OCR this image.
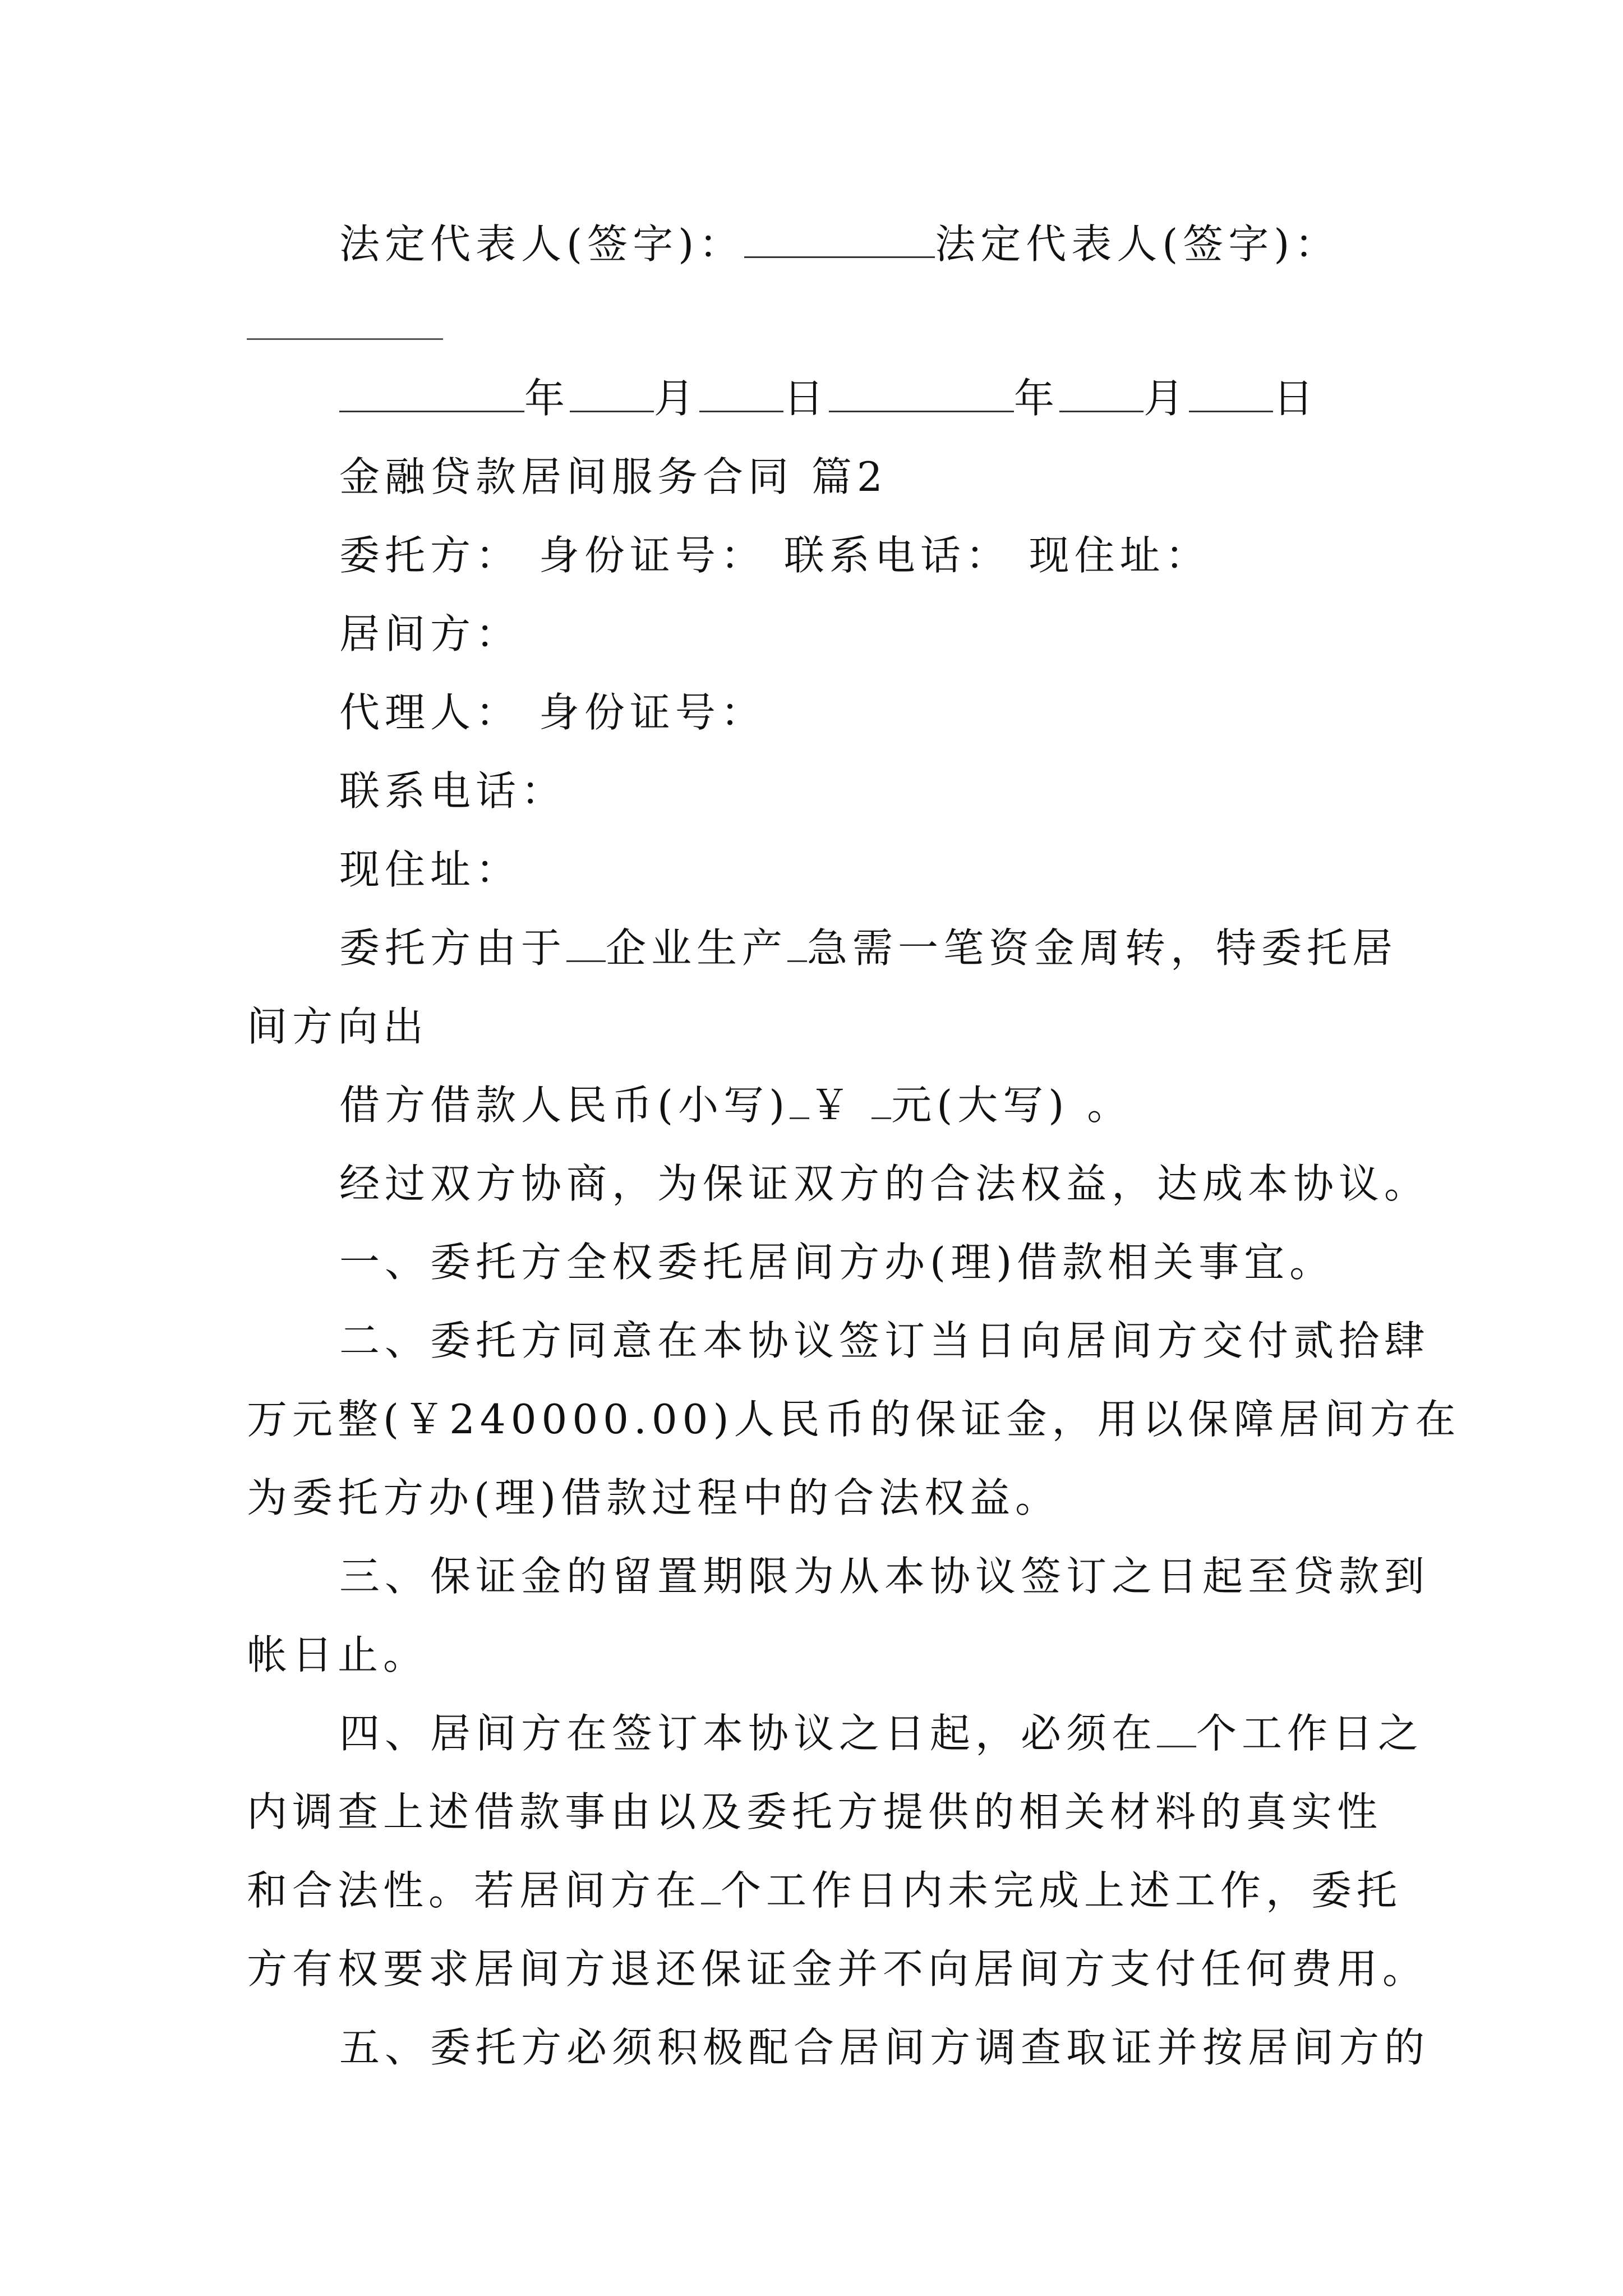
法定代表人(签字)：	法定代表人(签字)：
年 月 日	年 月 日
金融贷款居间服务合同 篇2
委托方： 身份证号： 联系电话： 现住址：
居间方：
代理人： 身份证号：
联系电话：
现住址：
委托方由于 企业生产 急需一笔资金周转，特委托居
间方向出
借方借款人民币(小写) ￥ 元(大写) 。
经过双方协商，为保证双方的合法权益，达成本协议。
一、委托方全权委托居间方办(理)借款相关事宜。
二、委托方同意在本协议签订当日向居间方交付贰拾肆
万元整(￥240000.00)人民币的保证金，用以保障居间方在
为委托方办(理)借款过程中的合法权益。
三、保证金的留置期限为从本协议签订之日起至贷款到
帐日止。
四、居间方在签订本协议之日起，必须在 个工作日之
内调查上述借款事由以及委托方提供的相关材料的真实性
和合法性。若居间方在 个工作日内未完成上述工作，委托
方有权要求居间方退还保证金并不向居间方支付任何费用。
五、委托方必须积极配合居间方调查取证并按居间方的
